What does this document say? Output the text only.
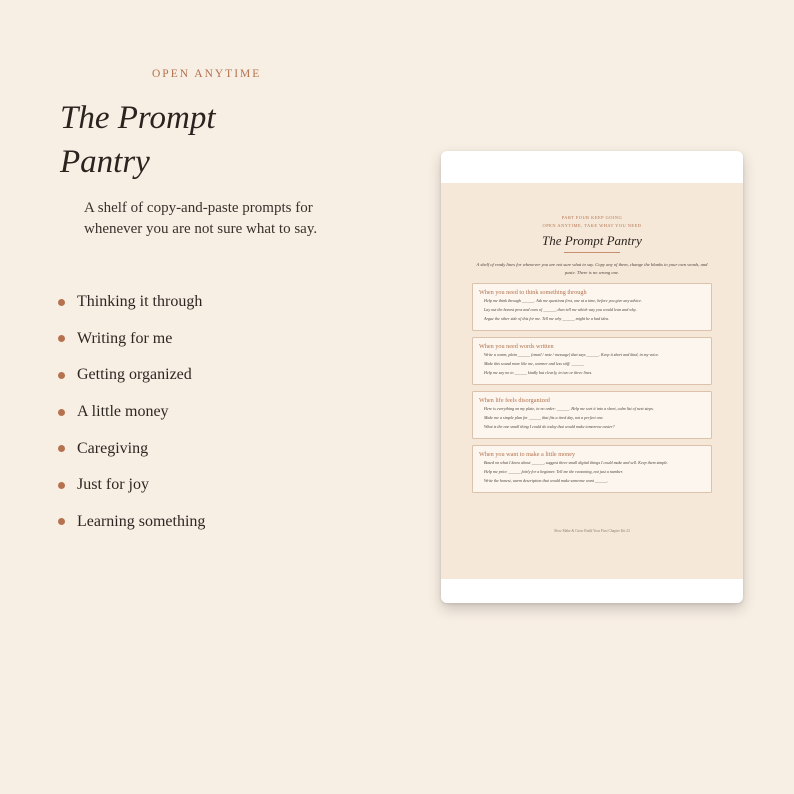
OPEN ANYTIME
The Prompt
Pantry

A shelf of copy-and-paste prompts for whenever you are not sure what to say.

Thinking it through
Writing for me
Getting organized
A little money
Caregiving
Just for joy
Learning something
PART FOUR KEEP GOING
OPEN ANYTIME, TAKE WHAT YOU NEED
The Prompt Pantry

A shelf of ready lines for whenever you are not sure what to say. Copy any of them, change the blanks to your own words, and paste. There is no wrong one.

When you need to think something through

Help me think through ______. Ask me questions first, one at a time, before you give any advice.

Lay out the honest pros and cons of ______, then tell me which way you would lean and why.

Argue the other side of this for me. Tell me why ______ might be a bad idea.

When you need words written

Write a warm, plain ______ (email / note / message) that says ______. Keep it short and kind, in my voice.

Make this sound more like me, warmer and less stiff: ______

Help me say no to ______ kindly but clearly, in two or three lines.

When life feels disorganized

Here is everything on my plate, in no order: ______. Help me sort it into a short, calm list of next steps.

Make me a simple plan for ______ that fits a tired day, not a perfect one.

What is the one small thing I could do today that would make tomorrow easier?

When you want to make a little money

Based on what I know about ______, suggest three small digital things I could make and sell. Keep them simple.

Help me price ______ fairly for a beginner. Tell me the reasoning, not just a number.

Write the honest, warm description that would make someone want ______.

Slow Make & Grow Build Your First Chapter Kit 23
